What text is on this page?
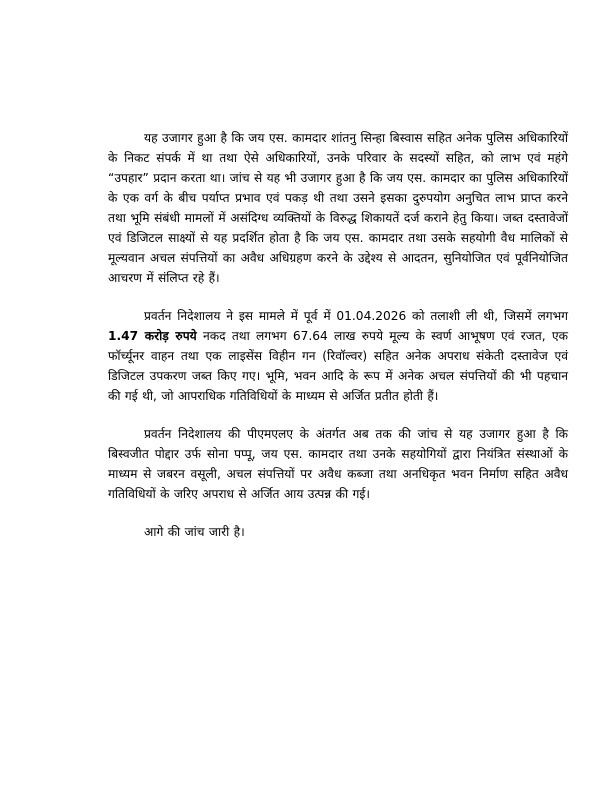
यह उजागर हुआ है कि जय एस. कामदार शांतनु सिन्हा बिस्वास सहित अनेक पुलिस अधिकारियों के निकट संपर्क में था तथा ऐसे अधिकारियों, उनके परिवार के सदस्यों सहित, को लाभ एवं महंगे “उपहार” प्रदान करता था। जांच से यह भी उजागर हुआ है कि जय एस. कामदार का पुलिस अधिकारियों के एक वर्ग के बीच पर्याप्त प्रभाव एवं पकड़ थी तथा उसने इसका दुरुपयोग अनुचित लाभ प्राप्त करने तथा भूमि संबंधी मामलों में असंदिग्ध व्यक्तियों के विरुद्ध शिकायतें दर्ज कराने हेतु किया। जब्त दस्तावेजों एवं डिजिटल साक्ष्यों से यह प्रदर्शित होता है कि जय एस. कामदार तथा उसके सहयोगी वैध मालिकों से मूल्यवान अचल संपत्तियों का अवैध अधिग्रहण करने के उद्देश्य से आदतन, सुनियोजित एवं पूर्वनियोजित आचरण में संलिप्त रहे हैं।

प्रवर्तन निदेशालय ने इस मामले में पूर्व में 01.04.2026 को तलाशी ली थी, जिसमें लगभग 1.47 करोड़ रुपये नकद तथा लगभग 67.64 लाख रुपये मूल्य के स्वर्ण आभूषण एवं रजत, एक फॉर्च्यूनर वाहन तथा एक लाइसेंस विहीन गन (रिवॉल्वर) सहित अनेक अपराध संकेती दस्तावेज एवं डिजिटल उपकरण जब्त किए गए। भूमि, भवन आदि के रूप में अनेक अचल संपत्तियों की भी पहचान की गई थी, जो आपराधिक गतिविधियों के माध्यम से अर्जित प्रतीत होती हैं।

प्रवर्तन निदेशालय की पीएमएलए के अंतर्गत अब तक की जांच से यह उजागर हुआ है कि बिस्वजीत पोद्दार उर्फ सोना पप्पू, जय एस. कामदार तथा उनके सहयोगियों द्वारा नियंत्रित संस्थाओं के माध्यम से जबरन वसूली, अचल संपत्तियों पर अवैध कब्जा तथा अनधिकृत भवन निर्माण सहित अवैध गतिविधियों के जरिए अपराध से अर्जित आय उत्पन्न की गई।

आगे की जांच जारी है।
